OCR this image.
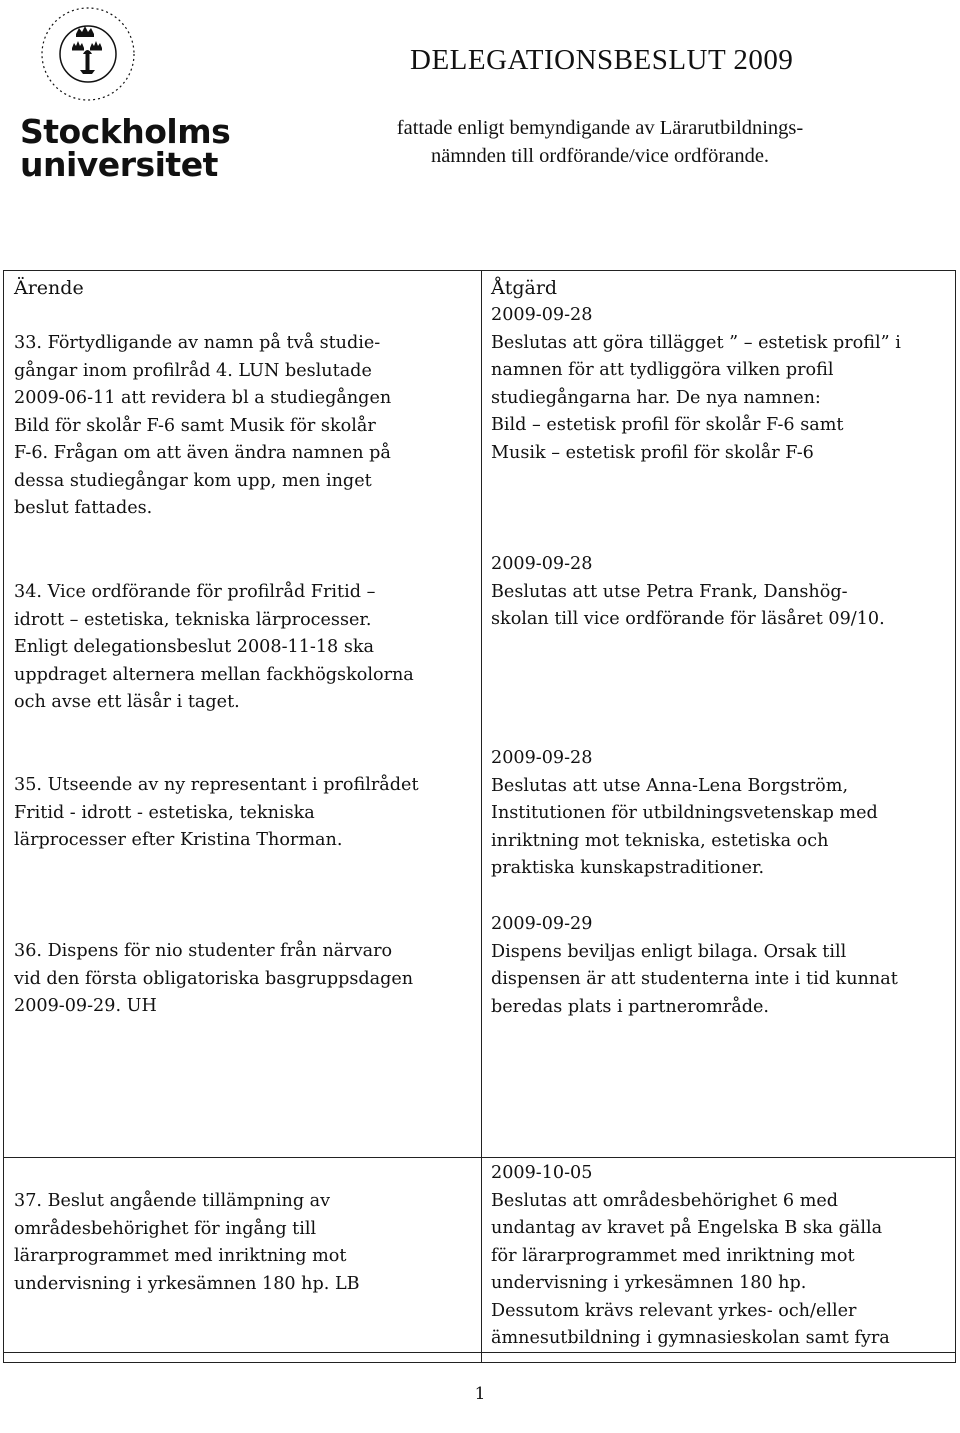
Stockholms
universitet
DELEGATIONSBESLUT 2009
fattade enligt bemyndigande av Lärarutbildnings-
nämnden till ordförande/vice ordförande.
Ärende	Åtgärd
33. Förtydligande av namn på två studie-
gångar inom profilråd 4. LUN beslutade
2009-06-11 att revidera bl a studiegången
Bild för skolår F-6 samt Musik för skolår
F-6. Frågan om att även ändra namnen på
dessa studiegångar kom upp, men inget
beslut fattades.
2009-09-28
Beslutas att göra tillägget ” – estetisk profil” i
namnen för att tydliggöra vilken profil
studiegångarna har. De nya namnen:
Bild – estetisk profil för skolår F-6 samt
Musik – estetisk profil för skolår F-6
34. Vice ordförande för profilråd Fritid –
idrott – estetiska, tekniska lärprocesser.
Enligt delegationsbeslut 2008-11-18 ska
uppdraget alternera mellan fackhögskolorna
och avse ett läsår i taget.
2009-09-28
Beslutas att utse Petra Frank, Danshög-
skolan till vice ordförande för läsåret 09/10.
35. Utseende av ny representant i profilrådet
Fritid - idrott - estetiska, tekniska
lärprocesser efter Kristina Thorman.
2009-09-28
Beslutas att utse Anna-Lena Borgström,
Institutionen för utbildningsvetenskap med
inriktning mot tekniska, estetiska och
praktiska kunskapstraditioner.
36. Dispens för nio studenter från närvaro
vid den första obligatoriska basgruppsdagen
2009-09-29. UH
2009-09-29
Dispens beviljas enligt bilaga. Orsak till
dispensen är att studenterna inte i tid kunnat
beredas plats i partnerområde.
37. Beslut angående tillämpning av
områdesbehörighet för ingång till
lärarprogrammet med inriktning mot
undervisning i yrkesämnen 180 hp. LB
2009-10-05
Beslutas att områdesbehörighet 6 med
undantag av kravet på Engelska B ska gälla
för lärarprogrammet med inriktning mot
undervisning i yrkesämnen 180 hp.
Dessutom krävs relevant yrkes- och/eller
ämnesutbildning i gymnasieskolan samt fyra
1
